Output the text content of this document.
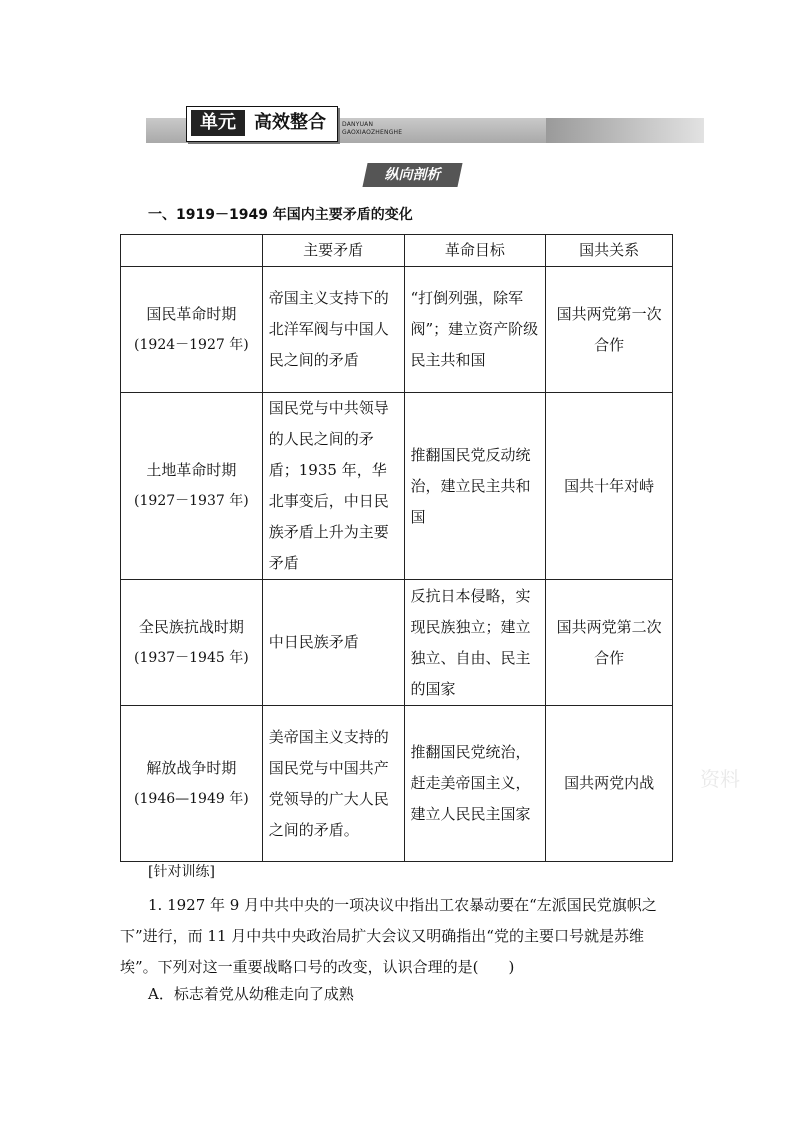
单元	高效整合	DANYUAN
GAOXIAOZHENGHE
纵向剖析
一、1919－1949 年国内主要矛盾的变化
	主要矛盾	革命目标	国共关系
国民革命时期
(1924－1927 年)	帝国主义支持下的北洋军阀与中国人民之间的矛盾	“打倒列强，除军阀”；建立资产阶级民主共和国	国共两党第一次合作
土地革命时期
(1927－1937 年)	国民党与中共领导的人民之间的矛盾；1935 年，华北事变后，中日民族矛盾上升为主要矛盾	推翻国民党反动统治，建立民主共和国	国共十年对峙
全民族抗战时期
(1937－1945 年)	中日民族矛盾	反抗日本侵略，实现民族独立；建立独立、自由、民主的国家	国共两党第二次合作
解放战争时期
(1946—1949 年)	美帝国主义支持的国民党与中国共产党领导的广大人民之间的矛盾。	推翻国民党统治，赶走美帝国主义，建立人民民主国家	国共两党内战 资料
[针对训练]
1. 1927 年 9 月中共中央的一项决议中指出工农暴动要在“左派国民党旗帜之下”进行，而 11 月中共中央政治局扩大会议又明确指出“党的主要口号就是苏维埃”。下列对这一重要战略口号的改变，认识合理的是(　　)
A．标志着党从幼稚走向了成熟
